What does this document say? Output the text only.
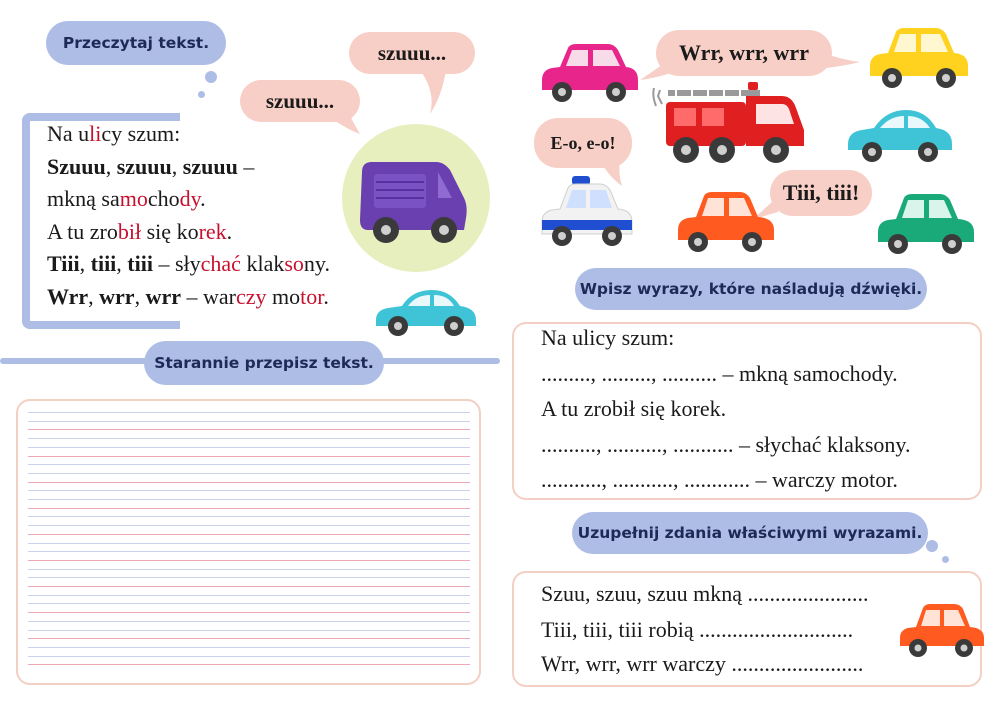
Przeczytaj tekst.	szuuu...
szuuu...
Na ulicy szum:
Szuuu, szuuu, szuuu –
mkną samochody.
A tu zrobił się korek.
Tiii, tiii, tiii – słychać klaksony.
Wrr, wrr, wrr – warczy motor.
Starannie przepisz tekst.
Wrr, wrr, wrr
E-o, e-o!
Tiii, tiii!
Wpisz wyrazy, które naśladują dźwięki.
Na ulicy szum:
........., ........., .......... – mkną samochody.
A tu zrobił się korek.
.........., .........., ........... – słychać klaksony.
..........., ..........., ............ – warczy motor.
Uzupełnij zdania właściwymi wyrazami.
Szuu, szuu, szuu mkną ......................
Tiii, tiii, tiii robią ............................
Wrr, wrr, wrr warczy ........................
